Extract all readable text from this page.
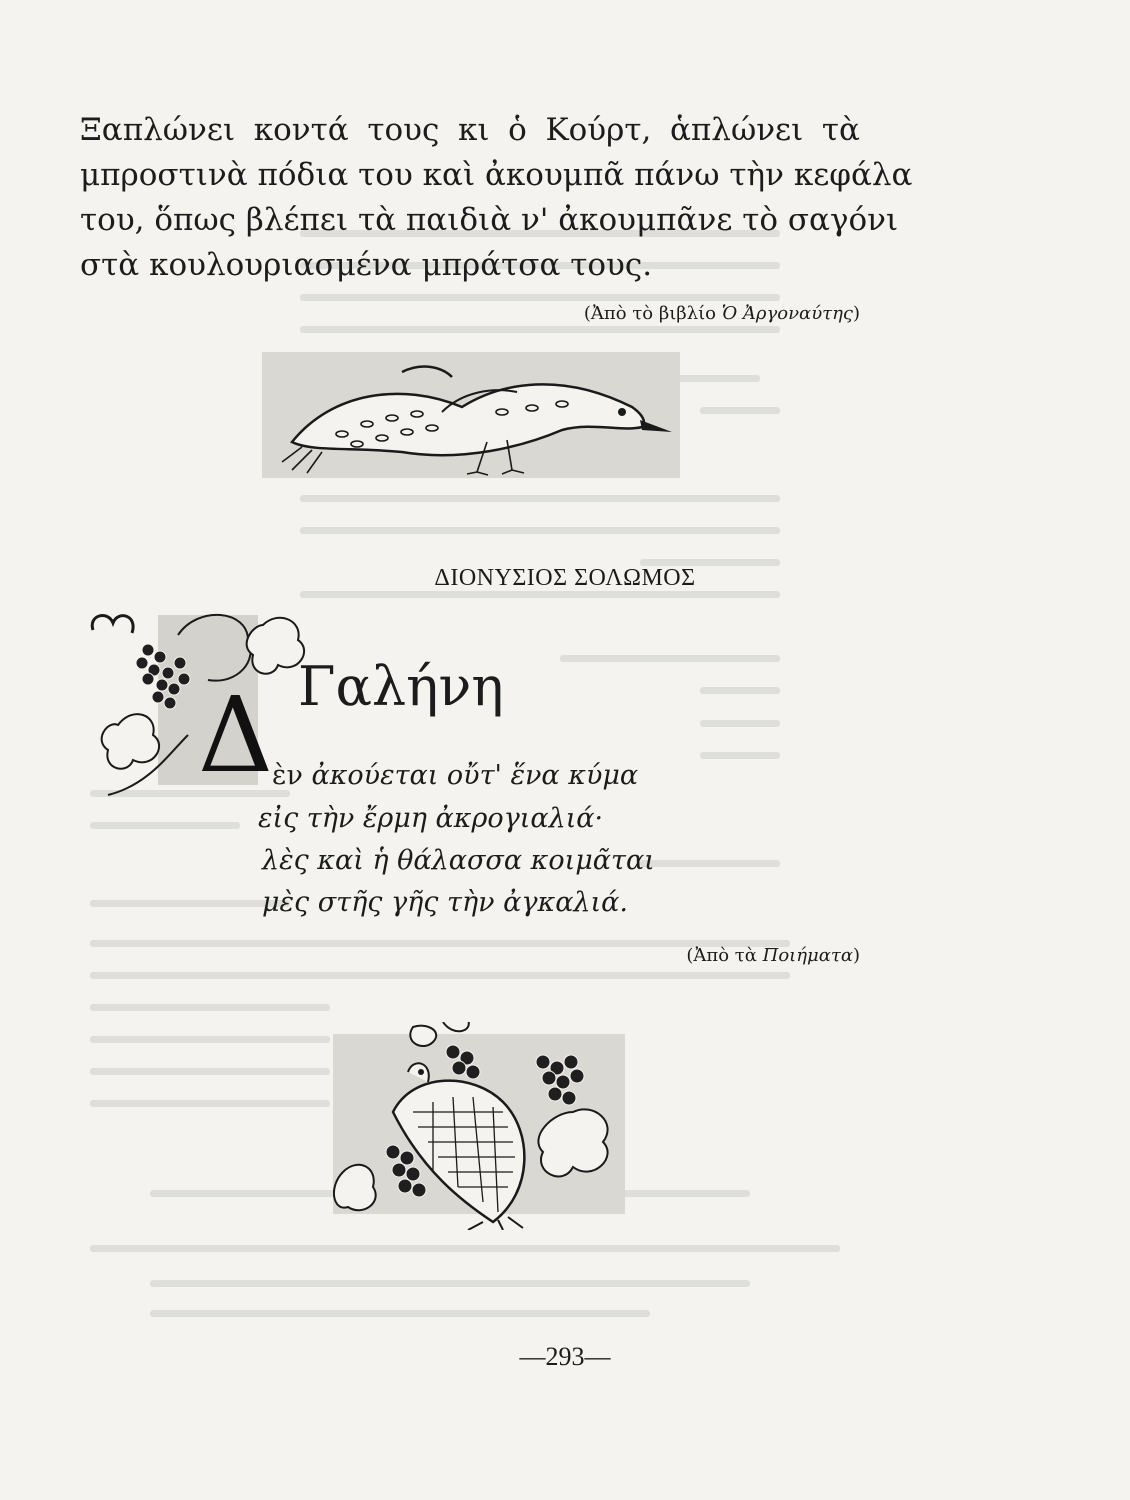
Ξαπλώνει κοντά τους κι ὁ Κούρτ, ἁπλώνει τὰ
μπροστινὰ πόδια του καὶ ἀκουμπᾶ πάνω τὴν κεφάλα
του, ὅπως βλέπει τὰ παιδιὰ ν' ἀκουμπᾶνε τὸ σαγόνι
στὰ κουλουριασμένα μπράτσα τους.
(Ἀπὸ τὸ βιβλίο Ὁ Ἀργοναύτης)
ΔΙΟΝΥΣΙΟΣ ΣΟΛΩΜΟΣ
Δ Γαλήνη
ὲν ἀκούεται οὔτ' ἕνα κύμα
εἰς τὴν ἔρμη ἀκρογιαλιά·
λὲς καὶ ἡ θάλασσα κοιμᾶται
μὲς στῆς γῆς τὴν ἀγκαλιά.
(Ἀπὸ τὰ Ποιήματα)
—293—
